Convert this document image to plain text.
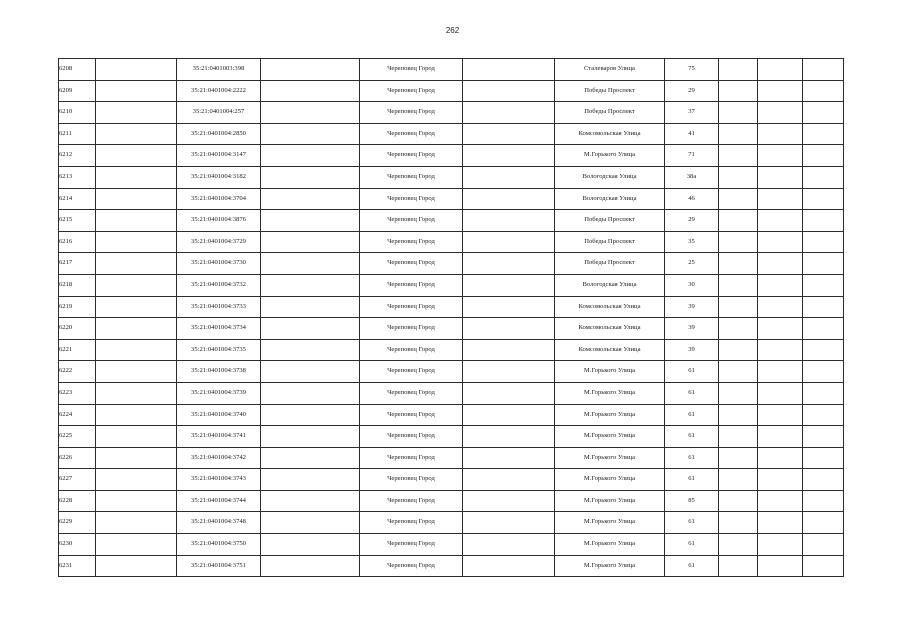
262
6208		35:21:0401003:398		Череповец Город		Сталеваров Улица	75			
6209		35:21:0401004:2222		Череповец Город		Победы Проспект	29			
6210		35:21:0401004:257		Череповец Город		Победы Проспект	37			
6211		35:21:0401004:2850		Череповец Город		Комсомольская Улица	41			
6212		35:21:0401004:3147		Череповец Город		М.Горького Улица	71			
6213		35:21:0401004:3182		Череповец Город		Вологодская Улица	38а			
6214		35:21:0401004:3704		Череповец Город		Вологодская Улица	46			
6215		35:21:0401004:3876		Череповец Город		Победы Проспект	29			
6216		35:21:0401004:3729		Череповец Город		Победы Проспект	35			
6217		35:21:0401004:3730		Череповец Город		Победы Проспект	25			
6218		35:21:0401004:3732		Череповец Город		Вологодская Улица	30			
6219		35:21:0401004:3733		Череповец Город		Комсомольская Улица	39			
6220		35:21:0401004:3734		Череповец Город		Комсомольская Улица	39			
6221		35:21:0401004:3735		Череповец Город		Комсомольская Улица	39			
6222		35:21:0401004:3738		Череповец Город		М.Горького Улица	61			
6223		35:21:0401004:3739		Череповец Город		М.Горького Улица	61			
6224		35:21:0401004:3740		Череповец Город		М.Горького Улица	61			
6225		35:21:0401004:3741		Череповец Город		М.Горького Улица	61			
6226		35:21:0401004:3742		Череповец Город		М.Горького Улица	61			
6227		35:21:0401004:3743		Череповец Город		М.Горького Улица	61			
6228		35:21:0401004:3744		Череповец Город		М.Горького Улица	85			
6229		35:21:0401004:3748		Череповец Город		М.Горького Улица	61			
6230		35:21:0401004:3750		Череповец Город		М.Горького Улица	61			
6231		35:21:0401004:3751		Череповец Город		М.Горького Улица	61			
